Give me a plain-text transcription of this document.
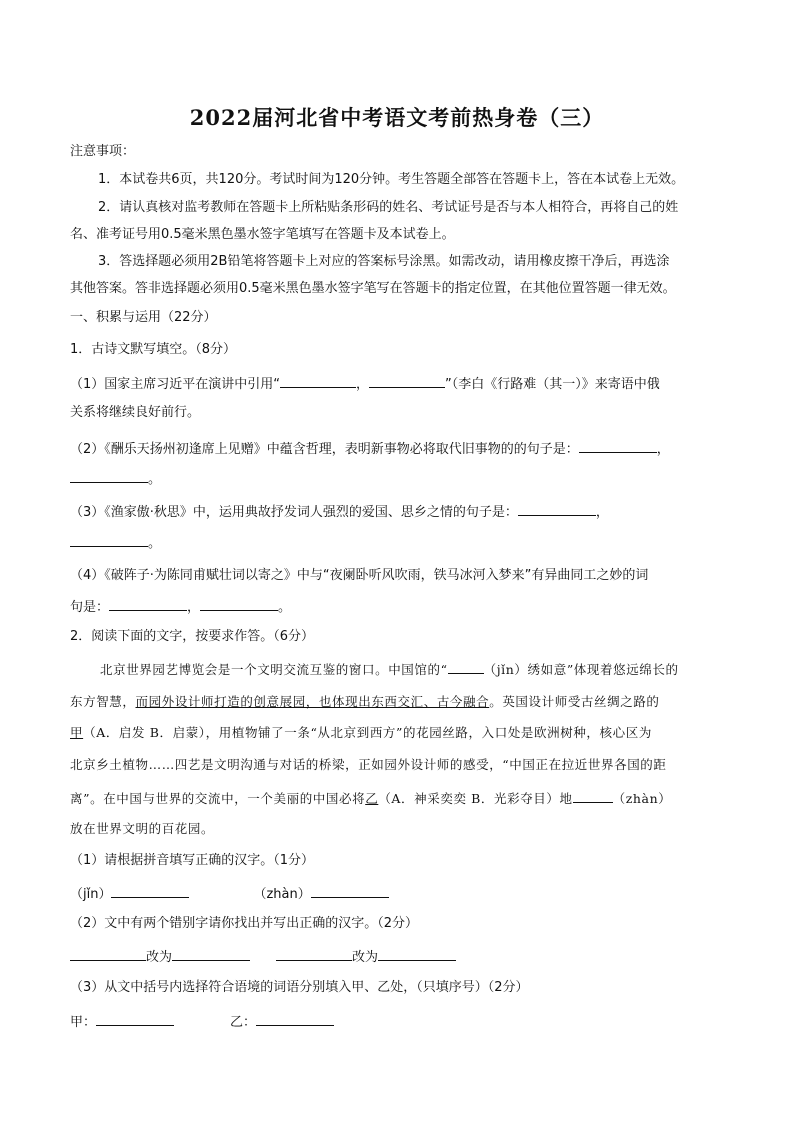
2022届河北省中考语文考前热身卷（三）
注意事项：
1．本试卷共6页，共120分。考试时间为120分钟。考生答题全部答在答题卡上，答在本试卷上无效。
2．请认真核对监考教师在答题卡上所粘贴条形码的姓名、考试证号是否与本人相符合，再将自己的姓
名、准考证号用0.5毫米黑色墨水签字笔填写在答题卡及本试卷上。
3．答选择题必须用2B铅笔将答题卡上对应的答案标号涂黑。如需改动，请用橡皮擦干净后，再选涂
其他答案。答非选择题必须用0.5毫米黑色墨水签字笔写在答题卡的指定位置，在其他位置答题一律无效。
一、积累与运用（22分）
1．古诗文默写填空。（8分）
（1）国家主席习近平在演讲中引用“	，	”（李白《行路难（其一）》来寄语中俄
关系将继续良好前行。
（2）《酬乐天扬州初逢席上见赠》中蕴含哲理，表明新事物必将取代旧事物的的句子是：	，
。
（3）《渔家傲·秋思》中，运用典故抒发词人强烈的爱国、思乡之情的句子是：	，
。
（4）《破阵子·为陈同甫赋壮词以寄之》中与“夜阑卧听风吹雨，铁马冰河入梦来”有异曲同工之妙的词
句是：	，	。
2．阅读下面的文字，按要求作答。（6分）
北京世界园艺博览会是一个文明交流互鉴的窗口。中国馆的“	（jǐn）绣如意”体现着悠远绵长的
东方智慧，而园外设计师打造的创意展园，也体现出东西交汇、古今融合。英国设计师受古丝绸之路的
甲（A．启发 B．启蒙），用植物铺了一条“从北京到西方”的花园丝路，入口处是欧洲树种，核心区为
北京乡土植物……四艺是文明沟通与对话的桥梁，正如园外设计师的感受，“中国正在拉近世界各国的距
离”。在中国与世界的交流中，一个美丽的中国必将乙（A．神采奕奕 B．光彩夺目）地	（zhàn）
放在世界文明的百花园。
（1）请根据拼音填写正确的汉字。（1分）
（jǐn）	（zhàn）
（2）文中有两个错别字请你找出并写出正确的汉字。（2分）
改为	改为
（3）从文中括号内选择符合语境的词语分别填入甲、乙处，（只填序号）（2分）
甲：	乙：
